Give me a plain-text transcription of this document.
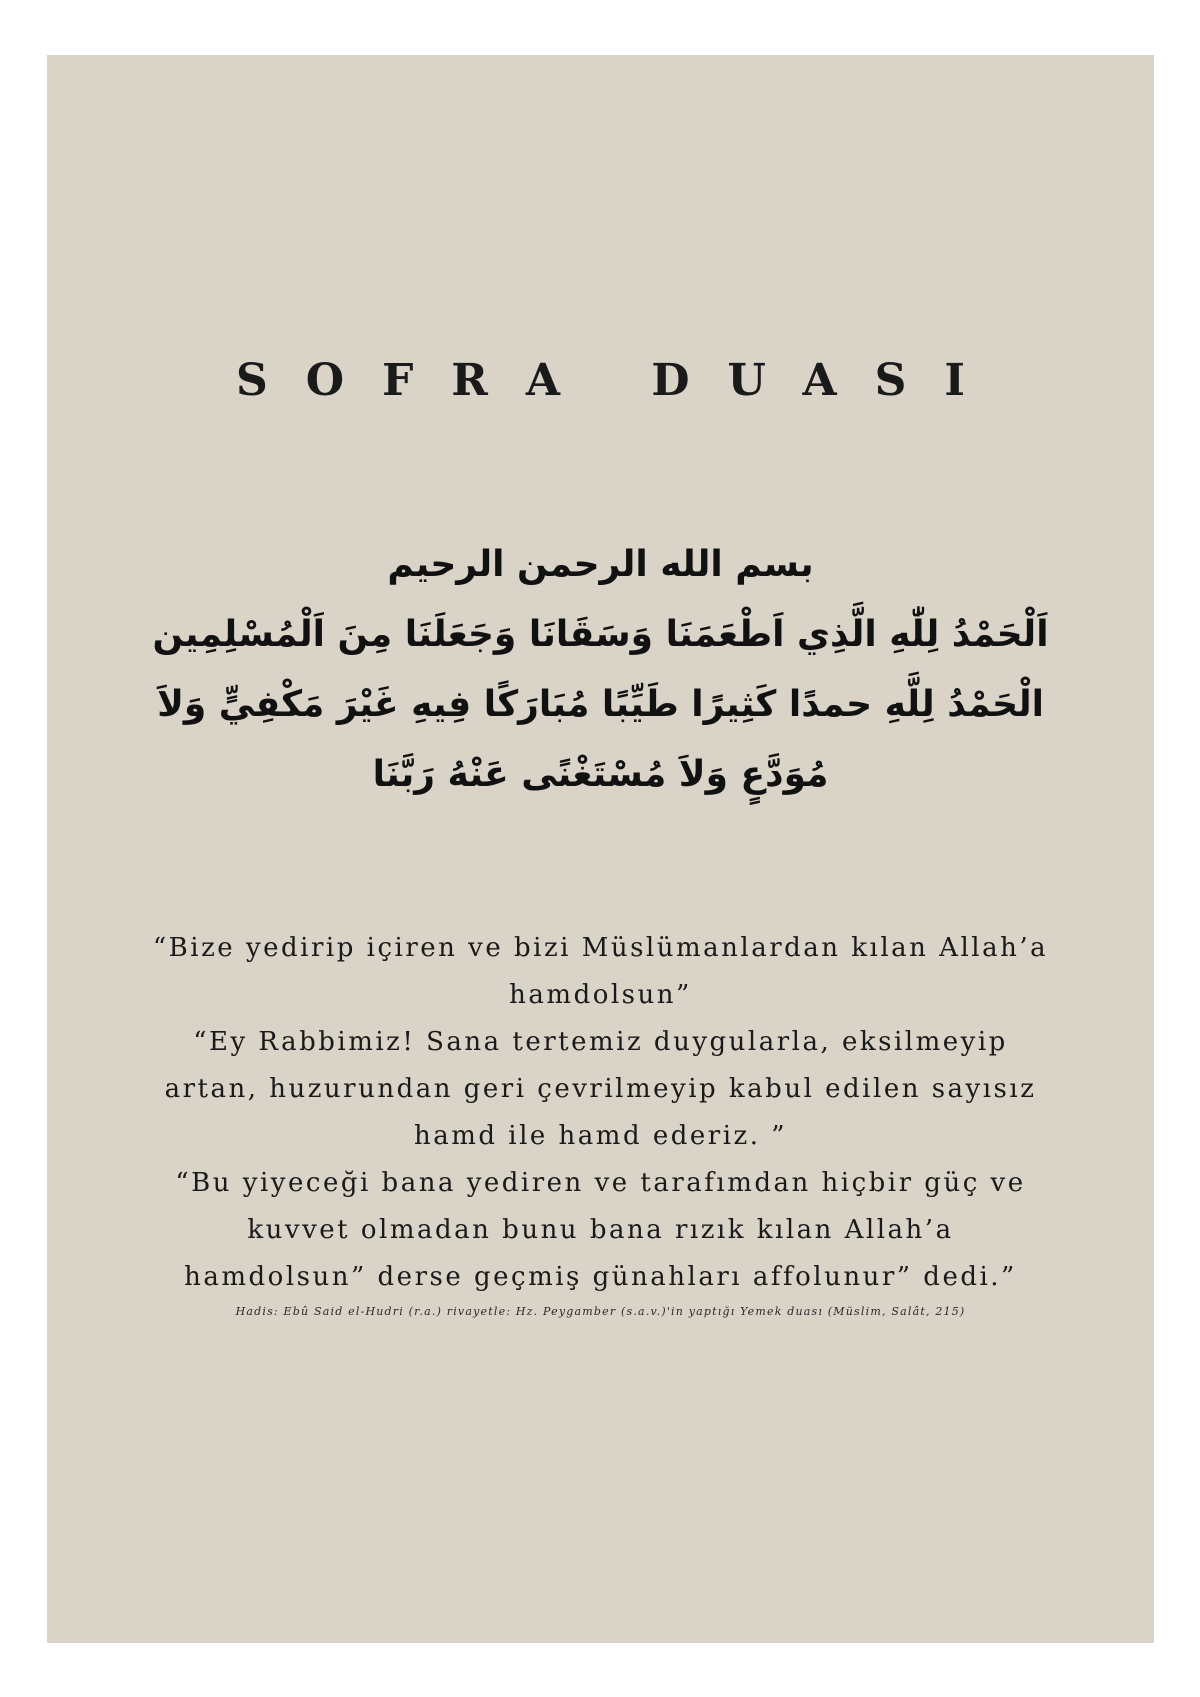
SOFRA DUASI
بسم الله الرحمن الرحيم
اَلْحَمْدُ لِلّٰهِ الَّذِي اَطْعَمَنَا وَسَقَانَا وَجَعَلَنَا مِنَ اَلْمُسْلِمِين
الْحَمْدُ لِلَّهِ حمدًا كَثِيرًا طَيِّبًا مُبَارَكًا فِيهِ غَيْرَ مَكْفِيٍّ وَلاَ
مُوَدَّعٍ وَلاَ مُسْتَغْنًى عَنْهُ رَبَّنَا
“Bize yedirip içiren ve bizi Müslümanlardan kılan Allah’a
hamdolsun”
“Ey Rabbimiz! Sana tertemiz duygularla, eksilmeyip
artan, huzurundan geri çevrilmeyip kabul edilen sayısız
hamd ile hamd ederiz. ”
“Bu yiyeceği bana yediren ve tarafımdan hiçbir güç ve
kuvvet olmadan bunu bana rızık kılan Allah’a
hamdolsun” derse geçmiş günahları affolunur” dedi.”
Hadis: Ebû Said el-Hudri (r.a.) rivayetle: Hz. Peygamber (s.a.v.)'in yaptığı Yemek duası (Müslim, Salât, 215)
